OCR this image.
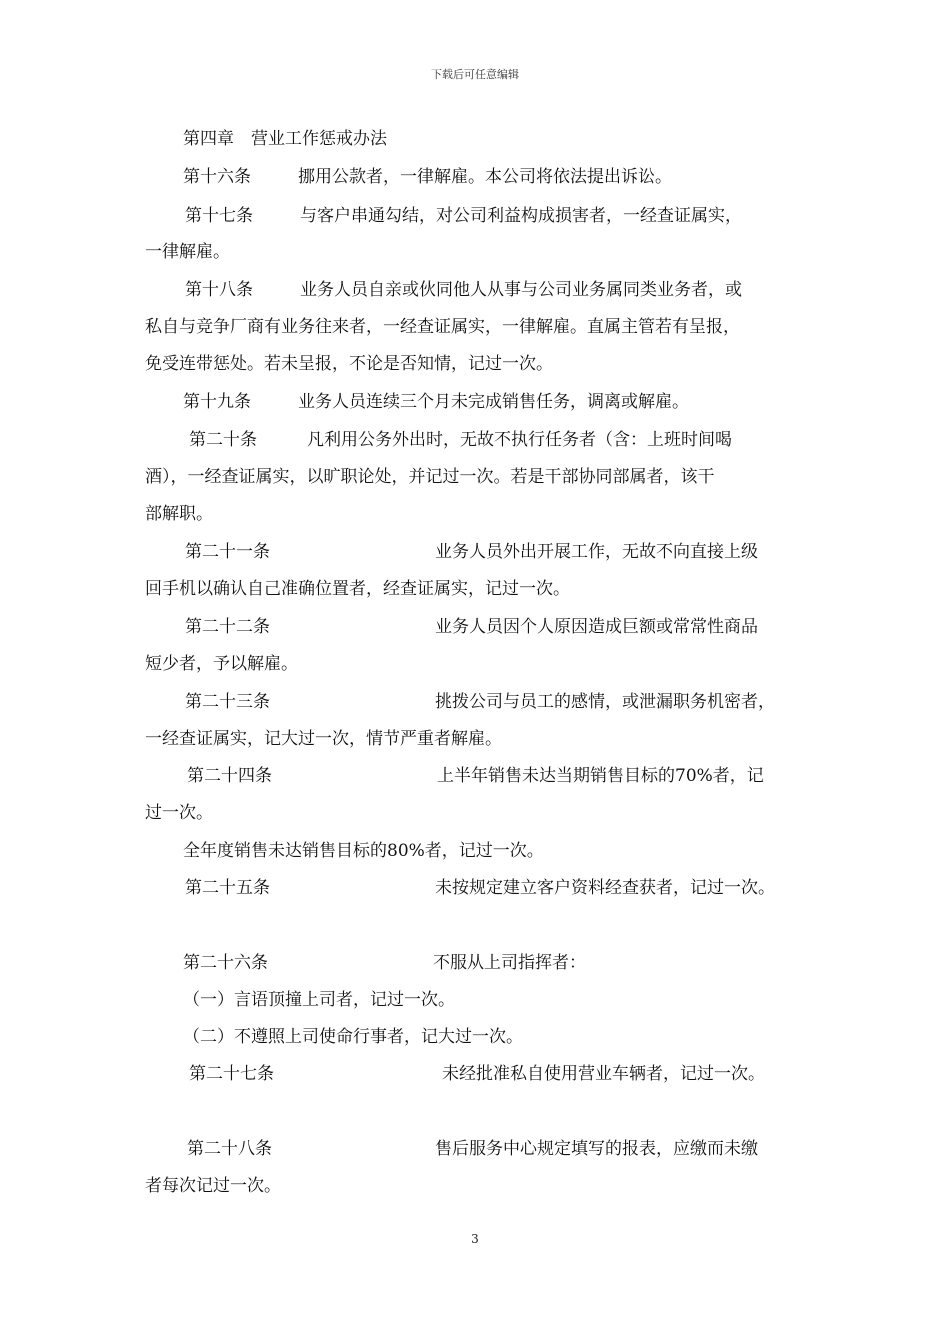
下载后可任意编辑
第四章　营业工作惩戒办法
第十六条	挪用公款者，一律解雇。本公司将依法提出诉讼。
第十七条	与客户串通勾结，对公司利益构成损害者，一经查证属实，
一律解雇。
第十八条	业务人员自亲或伙同他人从事与公司业务属同类业务者，或
私自与竞争厂商有业务往来者，一经查证属实，一律解雇。直属主管若有呈报，
免受连带惩处。若未呈报，不论是否知情，记过一次。
第十九条	业务人员连续三个月未完成销售任务，调离或解雇。
第二十条	凡利用公务外出时，无故不执行任务者（含：上班时间喝
酒），一经查证属实，以旷职论处，并记过一次。若是干部协同部属者，该干
部解职。
第二十一条	业务人员外出开展工作，无故不向直接上级
回手机以确认自己准确位置者，经查证属实，记过一次。
第二十二条	业务人员因个人原因造成巨额或常常性商品
短少者，予以解雇。
第二十三条	挑拨公司与员工的感情，或泄漏职务机密者，
一经查证属实，记大过一次，情节严重者解雇。
第二十四条	上半年销售未达当期销售目标的70%者，记
过一次。
全年度销售未达销售目标的80%者，记过一次。
第二十五条	未按规定建立客户资料经查获者，记过一次。
第二十六条	不服从上司指挥者：
（一）言语顶撞上司者，记过一次。
（二）不遵照上司使命行事者，记大过一次。
第二十七条	未经批准私自使用营业车辆者，记过一次。
第二十八条	售后服务中心规定填写的报表，应缴而未缴
者每次记过一次。
3
